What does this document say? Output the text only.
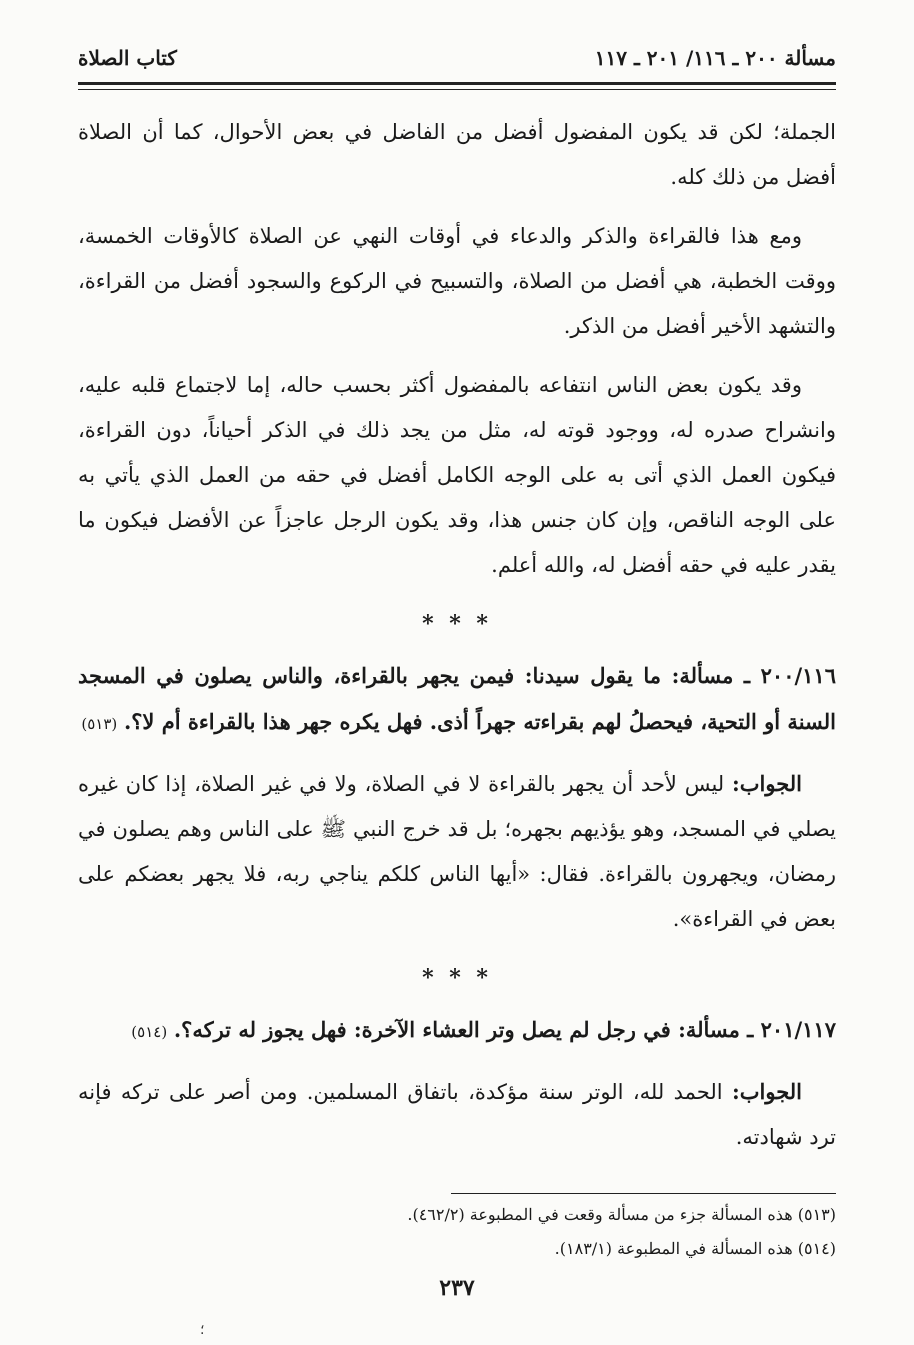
مسألة ٢٠٠ ـ ١١٦/ ٢٠١ ـ ١١٧
كتاب الصلاة

الجملة؛ لكن قد يكون المفضول أفضل من الفاضل في بعض الأحوال، كما أن الصلاة أفضل من ذلك كله.

ومع هذا فالقراءة والذكر والدعاء في أوقات النهي عن الصلاة كالأوقات الخمسة، ووقت الخطبة، هي أفضل من الصلاة، والتسبيح في الركوع والسجود أفضل من القراءة، والتشهد الأخير أفضل من الذكر.

وقد يكون بعض الناس انتفاعه بالمفضول أكثر بحسب حاله، إما لاجتماع قلبه عليه، وانشراح صدره له، ووجود قوته له، مثل من يجد ذلك في الذكر أحياناً، دون القراءة، فيكون العمل الذي أتى به على الوجه الكامل أفضل في حقه من العمل الذي يأتي به على الوجه الناقص، وإن كان جنس هذا، وقد يكون الرجل عاجزاً عن الأفضل فيكون ما يقدر عليه في حقه أفضل له، والله أعلم.

* * *

٢٠٠/١١٦ ـ مسألة: ما يقول سيدنا: فيمن يجهر بالقراءة، والناس يصلون في المسجد السنة أو التحية، فيحصلُ لهم بقراءته جهراً أذى. فهل يكره جهر هذا بالقراءة أم لا؟. (٥١٣)

الجواب: ليس لأحد أن يجهر بالقراءة لا في الصلاة، ولا في غير الصلاة، إذا كان غيره يصلي في المسجد، وهو يؤذيهم بجهره؛ بل قد خرج النبي ﷺ على الناس وهم يصلون في رمضان، ويجهرون بالقراءة. فقال: «أيها الناس كلكم يناجي ربه، فلا يجهر بعضكم على بعض في القراءة».

* * *

٢٠١/١١٧ ـ مسألة: في رجل لم يصل وتر العشاء الآخرة: فهل يجوز له تركه؟. (٥١٤)

الجواب: الحمد لله، الوتر سنة مؤكدة، باتفاق المسلمين. ومن أصر على تركه فإنه ترد شهادته.

(٥١٣) هذه المسألة جزء من مسألة وقعت في المطبوعة (٤٦٢/٢).
(٥١٤) هذه المسألة في المطبوعة (١٨٣/١).
٢٣٧
؛
